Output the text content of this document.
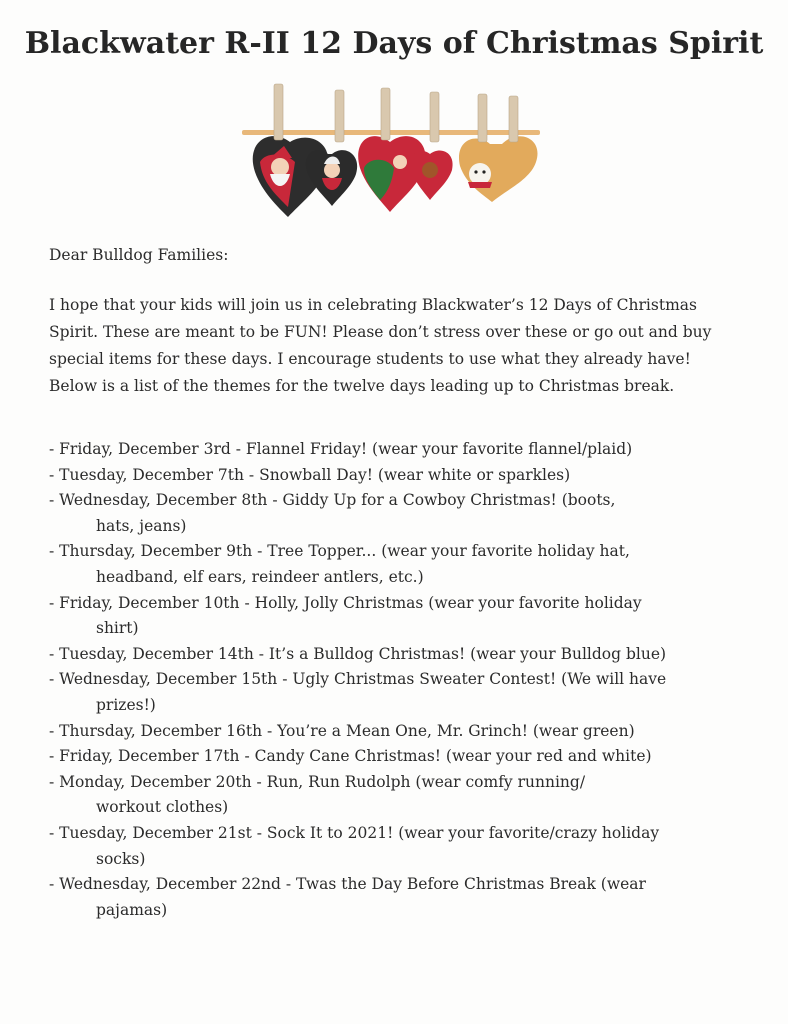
Blackwater R-II 12 Days of Christmas Spirit
Dear Bulldog Families:
I hope that your kids will join us in celebrating Blackwater’s 12 Days of Christmas
Spirit. These are meant to be FUN! Please don’t stress over these or go out and buy
special items for these days. I encourage students to use what they already have!
Below is a list of the themes for the twelve days leading up to Christmas break.
- Friday, December 3rd - Flannel Friday! (wear your favorite flannel/plaid)
- Tuesday, December 7th - Snowball Day! (wear white or sparkles)
- Wednesday, December 8th - Giddy Up for a Cowboy Christmas! (boots,
hats, jeans)
- Thursday, December 9th - Tree Topper... (wear your favorite holiday hat,
headband, elf ears, reindeer antlers, etc.)
- Friday, December 10th - Holly, Jolly Christmas (wear your favorite holiday
shirt)
- Tuesday, December 14th - It’s a Bulldog Christmas! (wear your Bulldog blue)
- Wednesday, December 15th - Ugly Christmas Sweater Contest! (We will have
prizes!)
- Thursday, December 16th - You’re a Mean One, Mr. Grinch! (wear green)
- Friday, December 17th - Candy Cane Christmas! (wear your red and white)
- Monday, December 20th - Run, Run Rudolph (wear comfy running/
workout clothes)
- Tuesday, December 21st - Sock It to 2021! (wear your favorite/crazy holiday
socks)
- Wednesday, December 22nd - Twas the Day Before Christmas Break (wear
pajamas)
